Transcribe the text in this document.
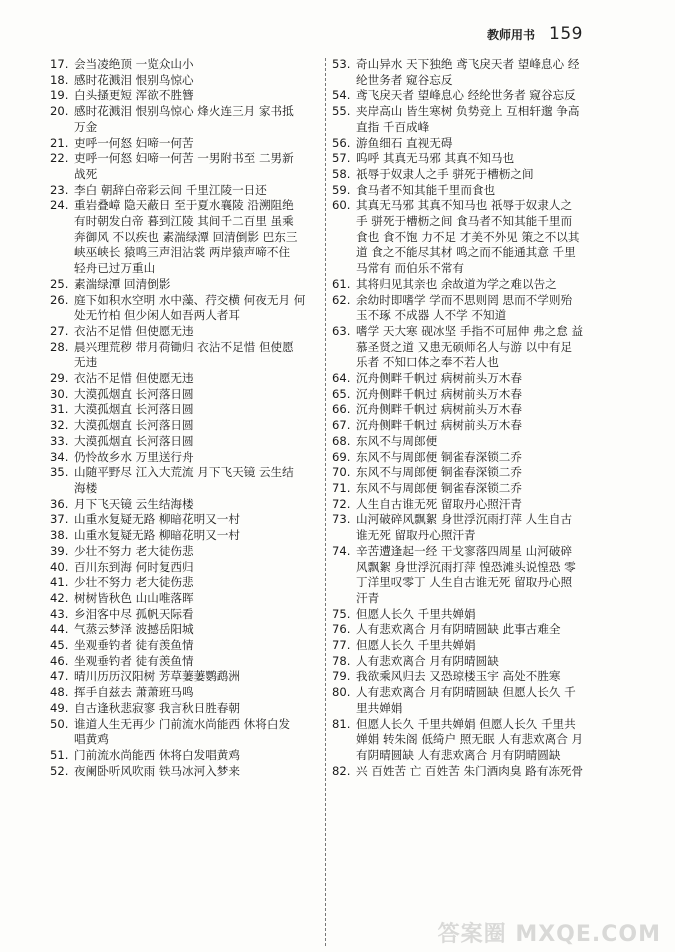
教师用书 159
17. 会当凌绝顶 一览众山小
18. 感时花溅泪 恨别鸟惊心
19. 白头搔更短 浑欲不胜簪
20. 感时花溅泪 恨别鸟惊心 烽火连三月 家书抵
万金
21. 吏呼一何怒 妇啼一何苦
22. 吏呼一何怒 妇啼一何苦 一男附书至 二男新
战死
23. 李白 朝辞白帝彩云间 千里江陵一日还
24. 重岩叠嶂 隐天蔽日 至于夏水襄陵 沿溯阻绝
有时朝发白帝 暮到江陵 其间千二百里 虽乘
奔御风 不以疾也 素湍绿潭 回清倒影 巴东三
峡巫峡长 猿鸣三声泪沾裳 两岸猿声啼不住
轻舟已过万重山
25. 素湍绿潭 回清倒影
26. 庭下如积水空明 水中藻、荇交横 何夜无月 何
处无竹柏 但少闲人如吾两人者耳
27. 衣沾不足惜 但使愿无违
28. 晨兴理荒秽 带月荷锄归 衣沾不足惜 但使愿
无违
29. 衣沾不足惜 但使愿无违
30. 大漠孤烟直 长河落日圆
31. 大漠孤烟直 长河落日圆
32. 大漠孤烟直 长河落日圆
33. 大漠孤烟直 长河落日圆
34. 仍怜故乡水 万里送行舟
35. 山随平野尽 江入大荒流 月下飞天镜 云生结
海楼
36. 月下飞天镜 云生结海楼
37. 山重水复疑无路 柳暗花明又一村
38. 山重水复疑无路 柳暗花明又一村
39. 少壮不努力 老大徒伤悲
40. 百川东到海 何时复西归
41. 少壮不努力 老大徒伤悲
42. 树树皆秋色 山山唯落晖
43. 乡泪客中尽 孤帆天际看
44. 气蒸云梦泽 波撼岳阳城
45. 坐观垂钓者 徒有羡鱼情
46. 坐观垂钓者 徒有羡鱼情
47. 晴川历历汉阳树 芳草萋萋鹦鹉洲
48. 挥手自兹去 萧萧班马鸣
49. 自古逢秋悲寂寥 我言秋日胜春朝
50. 谁道人生无再少 门前流水尚能西 休将白发
唱黄鸡
51. 门前流水尚能西 休将白发唱黄鸡
52. 夜阑卧听风吹雨 铁马冰河入梦来
53. 奇山异水 天下独绝 鸢飞戾天者 望峰息心 经
纶世务者 窥谷忘反
54. 鸢飞戾天者 望峰息心 经纶世务者 窥谷忘反
55. 夹岸高山 皆生寒树 负势竞上 互相轩邈 争高
直指 千百成峰
56. 游鱼细石 直视无碍
57. 呜呼 其真无马邪 其真不知马也
58. 祇辱于奴隶人之手 骈死于槽枥之间
59. 食马者不知其能千里而食也
60. 其真无马邪 其真不知马也 祇辱于奴隶人之
手 骈死于槽枥之间 食马者不知其能千里而
食也 食不饱 力不足 才美不外见 策之不以其
道 食之不能尽其材 鸣之而不能通其意 千里
马常有 而伯乐不常有
61. 其将归见其亲也 余故道为学之难以告之
62. 余幼时即嗜学 学而不思则罔 思而不学则殆
玉不琢 不成器 人不学 不知道
63. 嗜学 天大寒 砚冰坚 手指不可屈伸 弗之怠 益
慕圣贤之道 又患无硕师名人与游 以中有足
乐者 不知口体之奉不若人也
64. 沉舟侧畔千帆过 病树前头万木春
65. 沉舟侧畔千帆过 病树前头万木春
66. 沉舟侧畔千帆过 病树前头万木春
67. 沉舟侧畔千帆过 病树前头万木春
68. 东风不与周郎便
69. 东风不与周郎便 铜雀春深锁二乔
70. 东风不与周郎便 铜雀春深锁二乔
71. 东风不与周郎便 铜雀春深锁二乔
72. 人生自古谁无死 留取丹心照汗青
73. 山河破碎风飘絮 身世浮沉雨打萍 人生自古
谁无死 留取丹心照汗青
74. 辛苦遭逢起一经 干戈寥落四周星 山河破碎
风飘絮 身世浮沉雨打萍 惶恐滩头说惶恐 零
丁洋里叹零丁 人生自古谁无死 留取丹心照
汗青
75. 但愿人长久 千里共婵娟
76. 人有悲欢离合 月有阴晴圆缺 此事古难全
77. 但愿人长久 千里共婵娟
78. 人有悲欢离合 月有阴晴圆缺
79. 我欲乘风归去 又恐琼楼玉宇 高处不胜寒
80. 人有悲欢离合 月有阴晴圆缺 但愿人长久 千
里共婵娟
81. 但愿人长久 千里共婵娟 但愿人长久 千里共
婵娟 转朱阁 低绮户 照无眠 人有悲欢离合 月
有阴晴圆缺 人有悲欢离合 月有阴晴圆缺
82. 兴 百姓苦 亡 百姓苦 朱门酒肉臭 路有冻死骨
答案圈 MXQE.COM
